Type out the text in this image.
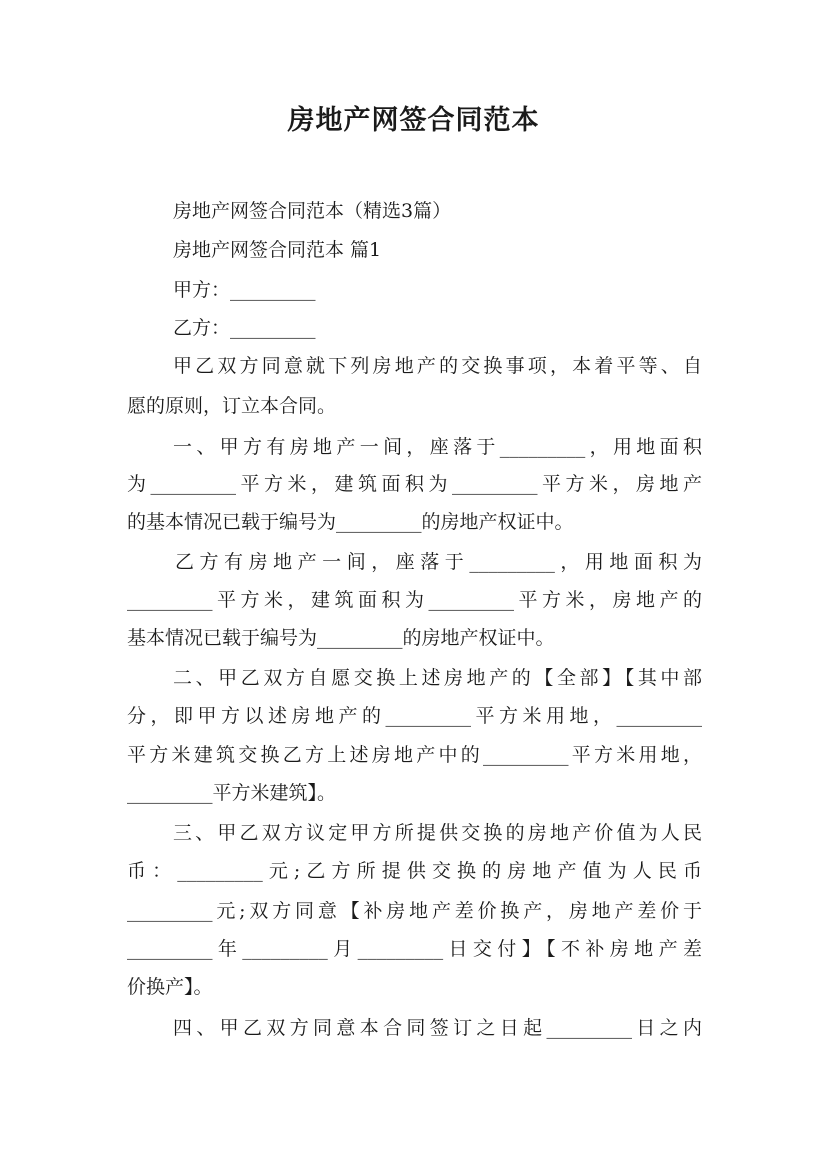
房地产网签合同范本
房地产网签合同范本（精选3篇）
房地产网签合同范本 篇1
甲方：_________
乙方：_________
甲乙双方同意就下列房地产的交换事项，本着平等、自
愿的原则，订立本合同。
一、甲方有房地产一间，座落于_________，用地面积
为_________平方米，建筑面积为_________平方米，房地产
的基本情况已载于编号为_________的房地产权证中。
乙方有房地产一间，座落于_________，用地面积为
_________平方米，建筑面积为_________平方米，房地产的
基本情况已载于编号为_________的房地产权证中。
二、甲乙双方自愿交换上述房地产的【全部】【其中部
分，即甲方以述房地产的_________平方米用地，_________
平方米建筑交换乙方上述房地产中的_________平方米用地，
_________平方米建筑】。
三、甲乙双方议定甲方所提供交换的房地产价值为人民
币：_________元;乙方所提供交换的房地产值为人民币
_________元;双方同意【补房地产差价换产，房地产差价于
_________年_________月_________日交付】【不补房地产差
价换产】。
四、甲乙双方同意本合同签订之日起_________日之内
